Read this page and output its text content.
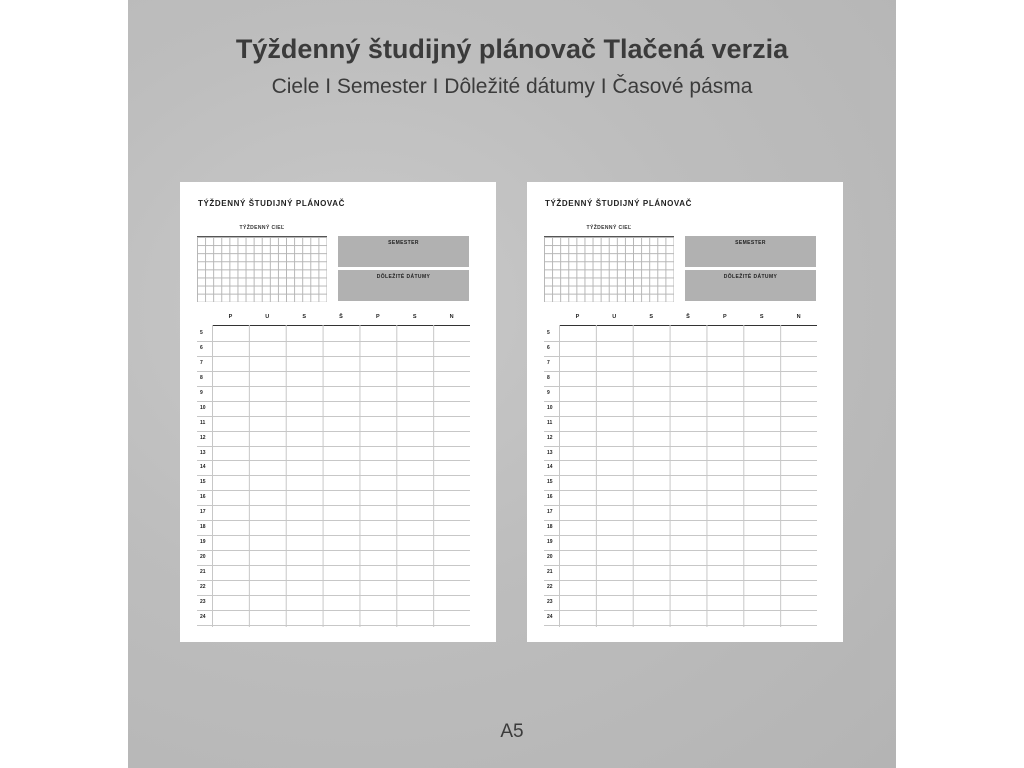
Týždenný študijný plánovač Tlačená verzia
Ciele I Semester I Dôležité dátumy I Časové pásma
TÝŽDENNÝ ŠTUDIJNÝ PLÁNOVAČ
TÝŽDENNÝ CIEĽ
SEMESTER
DÔLEŽITÉ DÁTUMY
P	U	S	Š	P	S	N
5
6
7
8
9
10
11
12
13
14
15
16
17
18
19
20
21
22
23
24
TÝŽDENNÝ ŠTUDIJNÝ PLÁNOVAČ
TÝŽDENNÝ CIEĽ
SEMESTER
DÔLEŽITÉ DÁTUMY
P	U	S	Š	P	S	N
5
6
7
8
9
10
11
12
13
14
15
16
17
18
19
20
21
22
23
24
A5
